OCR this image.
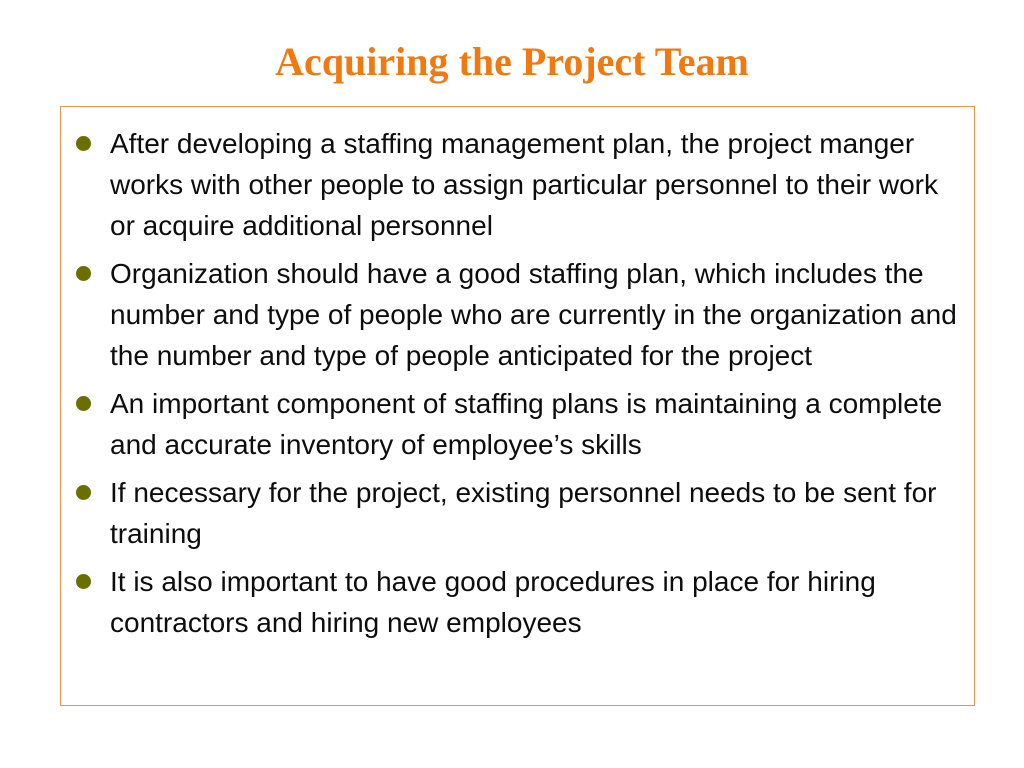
Acquiring the Project Team
After developing a staffing management plan, the project manger works with other people to assign particular personnel to their work or acquire additional personnel
Organization should have a good staffing plan, which includes the number and type of people who are currently in the organization and the number and type of people anticipated for the project
An important component of staffing plans is maintaining a complete and accurate inventory of employee’s skills
If necessary for the project, existing personnel needs to be sent for training
It is also important to have good procedures in place for hiring contractors and hiring new employees
